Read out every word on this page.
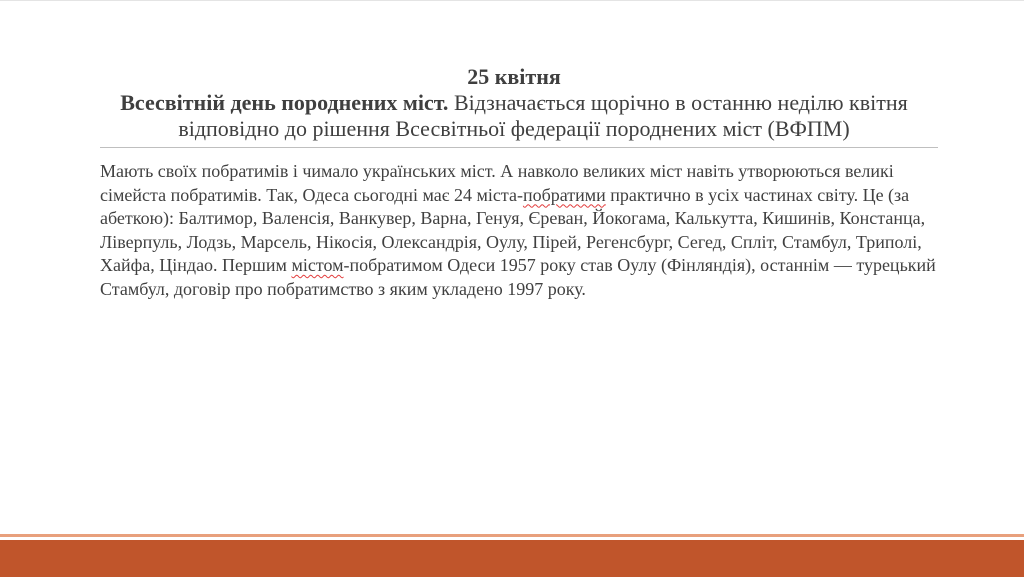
25 квітня
Всесвітній день породнених міст. Відзначається щорічно в останню неділю квітня відповідно до рішення Всесвітньої федерації породнених міст (ВФПМ)

Мають своїх побратимів і чимало українських міст. А навколо великих міст навіть утворюються великі сімейста побратимів. Так, Одеса сьогодні має 24 міста-побратими практично в усіх частинах світу. Це (за абеткою): Балтимор, Валенсія, Ванкувер, Варна, Генуя, Єреван, Йокогама, Калькутта, Кишинів, Констанца, Ліверпуль, Лодзь, Марсель, Нікосія, Олександрія, Оулу, Пірей, Регенсбург, Сегед, Спліт, Стамбул, Триполі, Хайфа, Ціндао. Першим містом-побратимом Одеси 1957 року став Оулу (Фінляндія), останнім — турецький Стамбул, договір про побратимство з яким укладено 1997 року.
